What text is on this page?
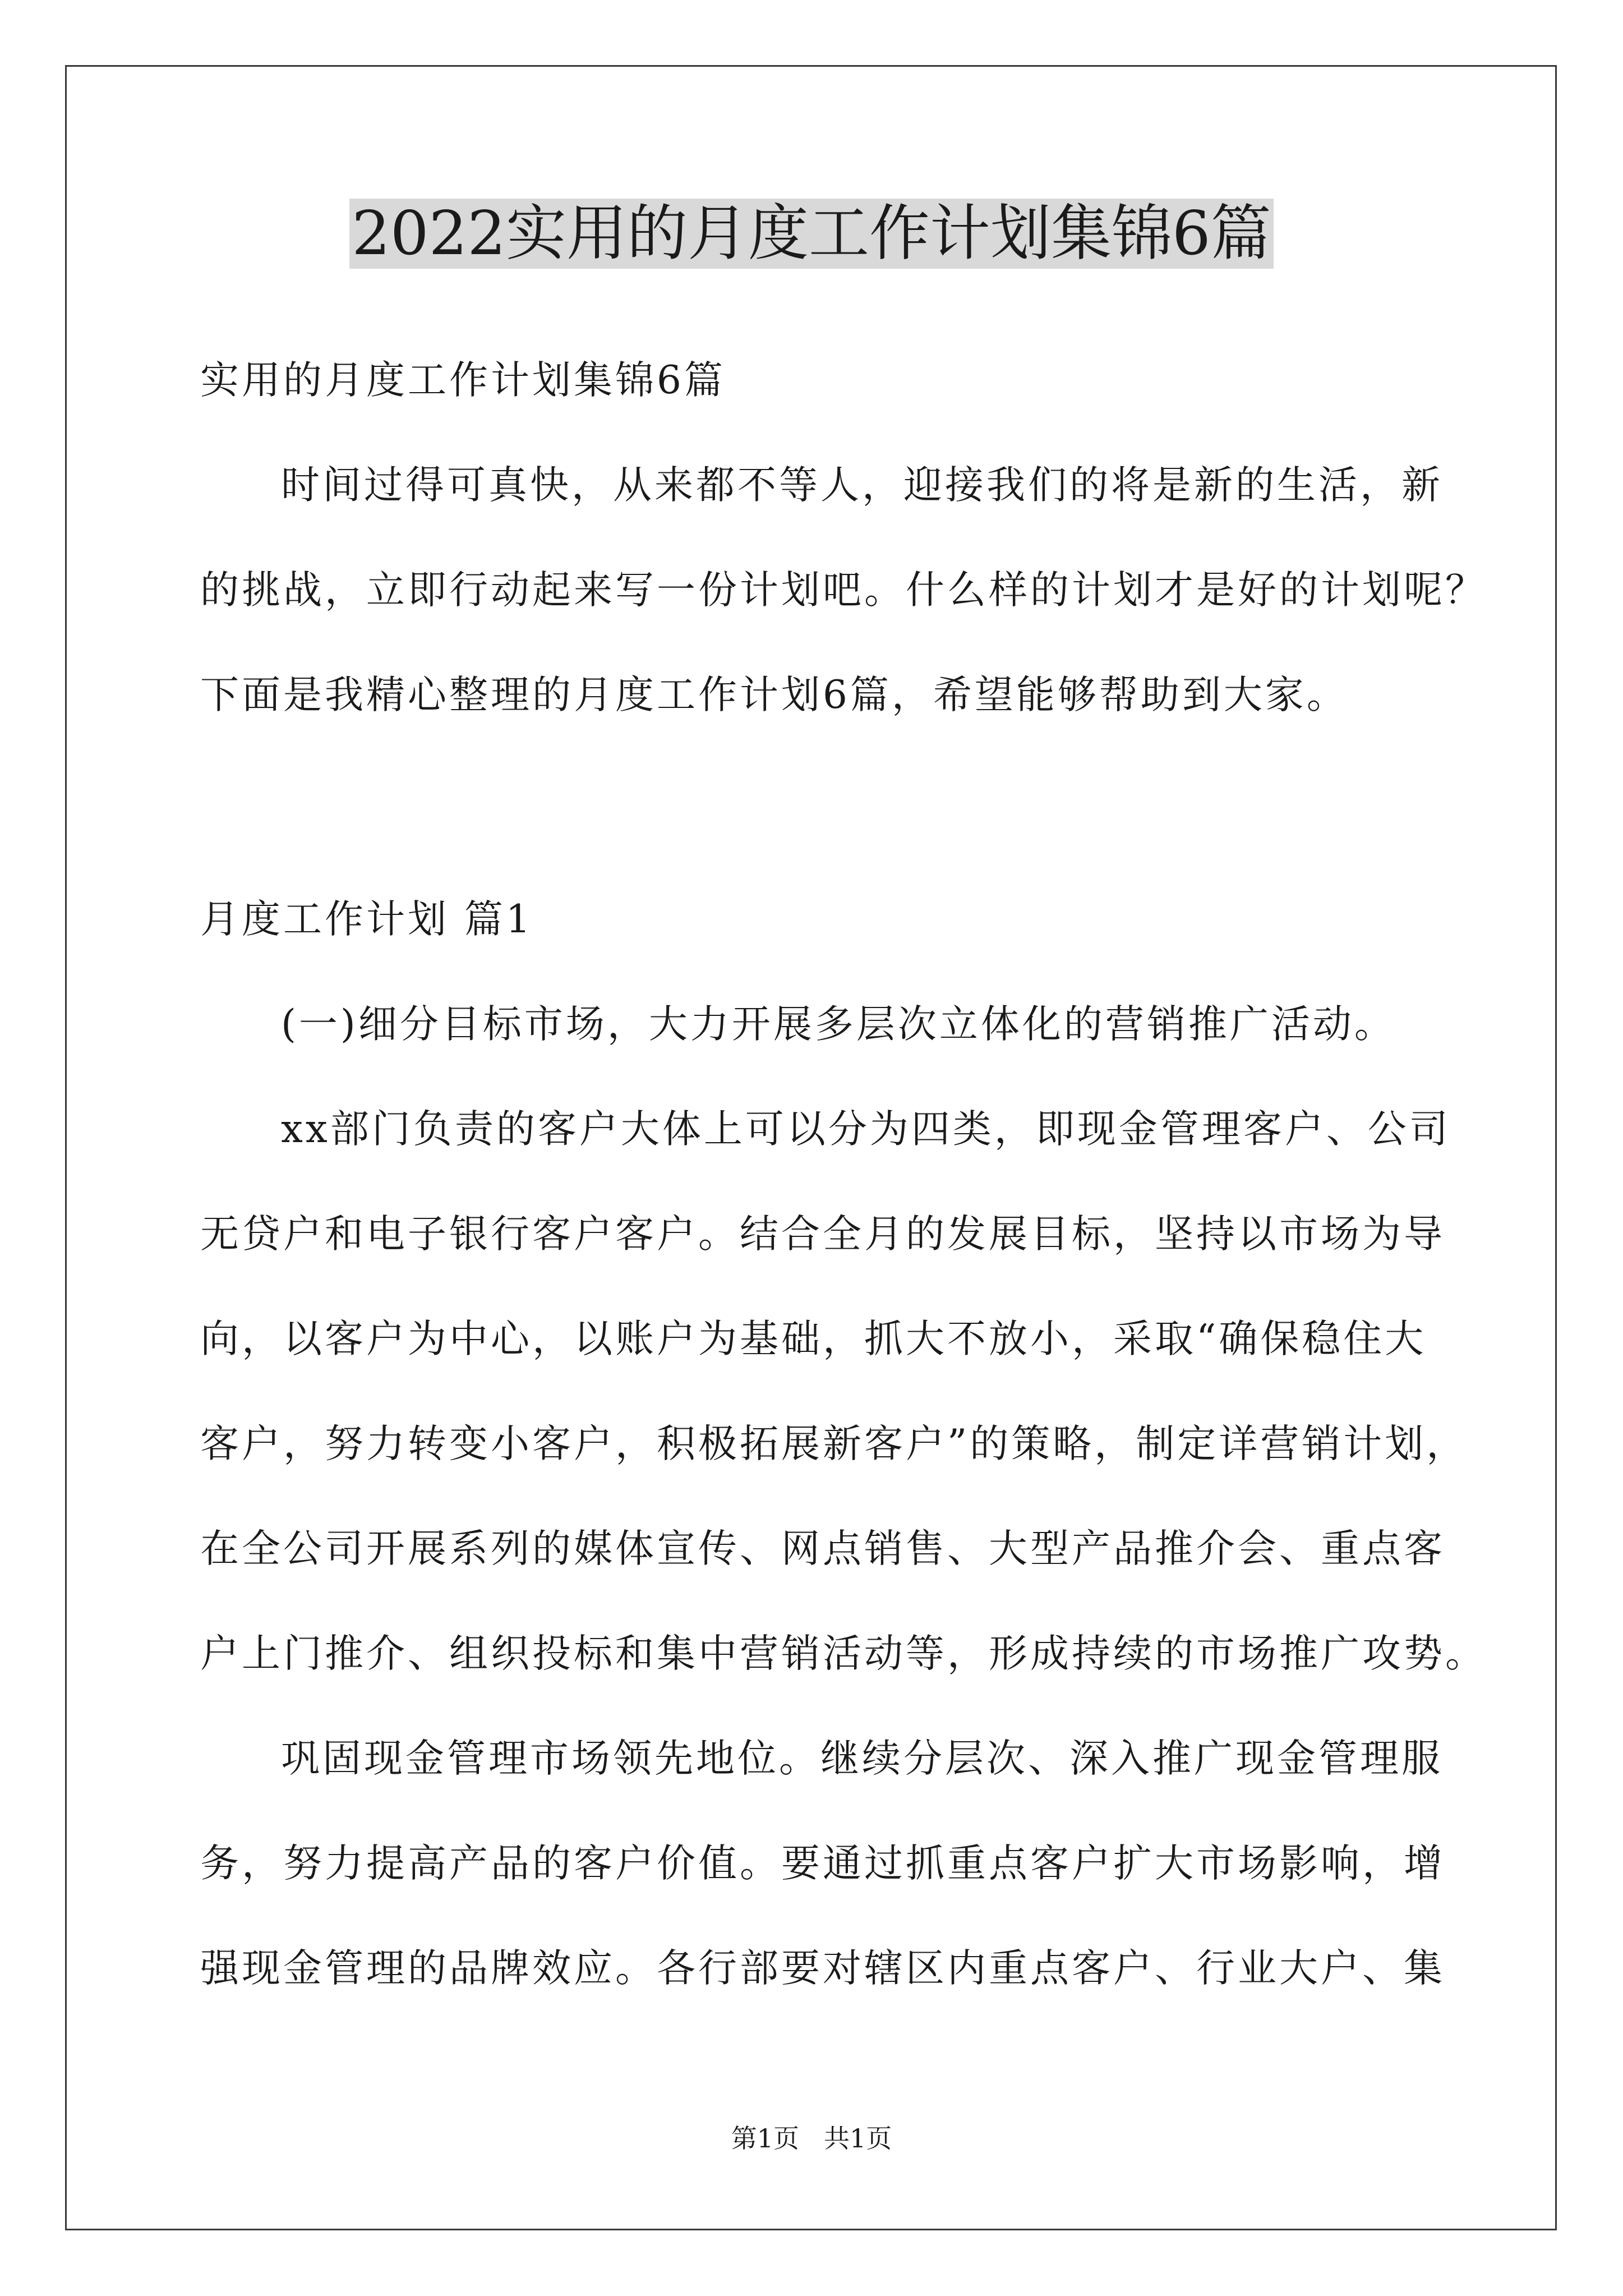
2022实用的月度工作计划集锦6篇

实用的月度工作计划集锦6篇

时间过得可真快，从来都不等人，迎接我们的将是新的生活，新

的挑战，立即行动起来写一份计划吧。什么样的计划才是好的计划呢？

下面是我精心整理的月度工作计划6篇，希望能够帮助到大家。

月度工作计划 篇1

(一)细分目标市场，大力开展多层次立体化的营销推广活动。

xx部门负责的客户大体上可以分为四类，即现金管理客户、公司

无贷户和电子银行客户客户。结合全月的发展目标，坚持以市场为导

向，以客户为中心，以账户为基础，抓大不放小，采取“确保稳住大

客户，努力转变小客户，积极拓展新客户”的策略，制定详营销计划，

在全公司开展系列的媒体宣传、网点销售、大型产品推介会、重点客

户上门推介、组织投标和集中营销活动等，形成持续的市场推广攻势。

巩固现金管理市场领先地位。继续分层次、深入推广现金管理服

务，努力提高产品的客户价值。要通过抓重点客户扩大市场影响，增

强现金管理的品牌效应。各行部要对辖区内重点客户、行业大户、集

第1页 共1页
